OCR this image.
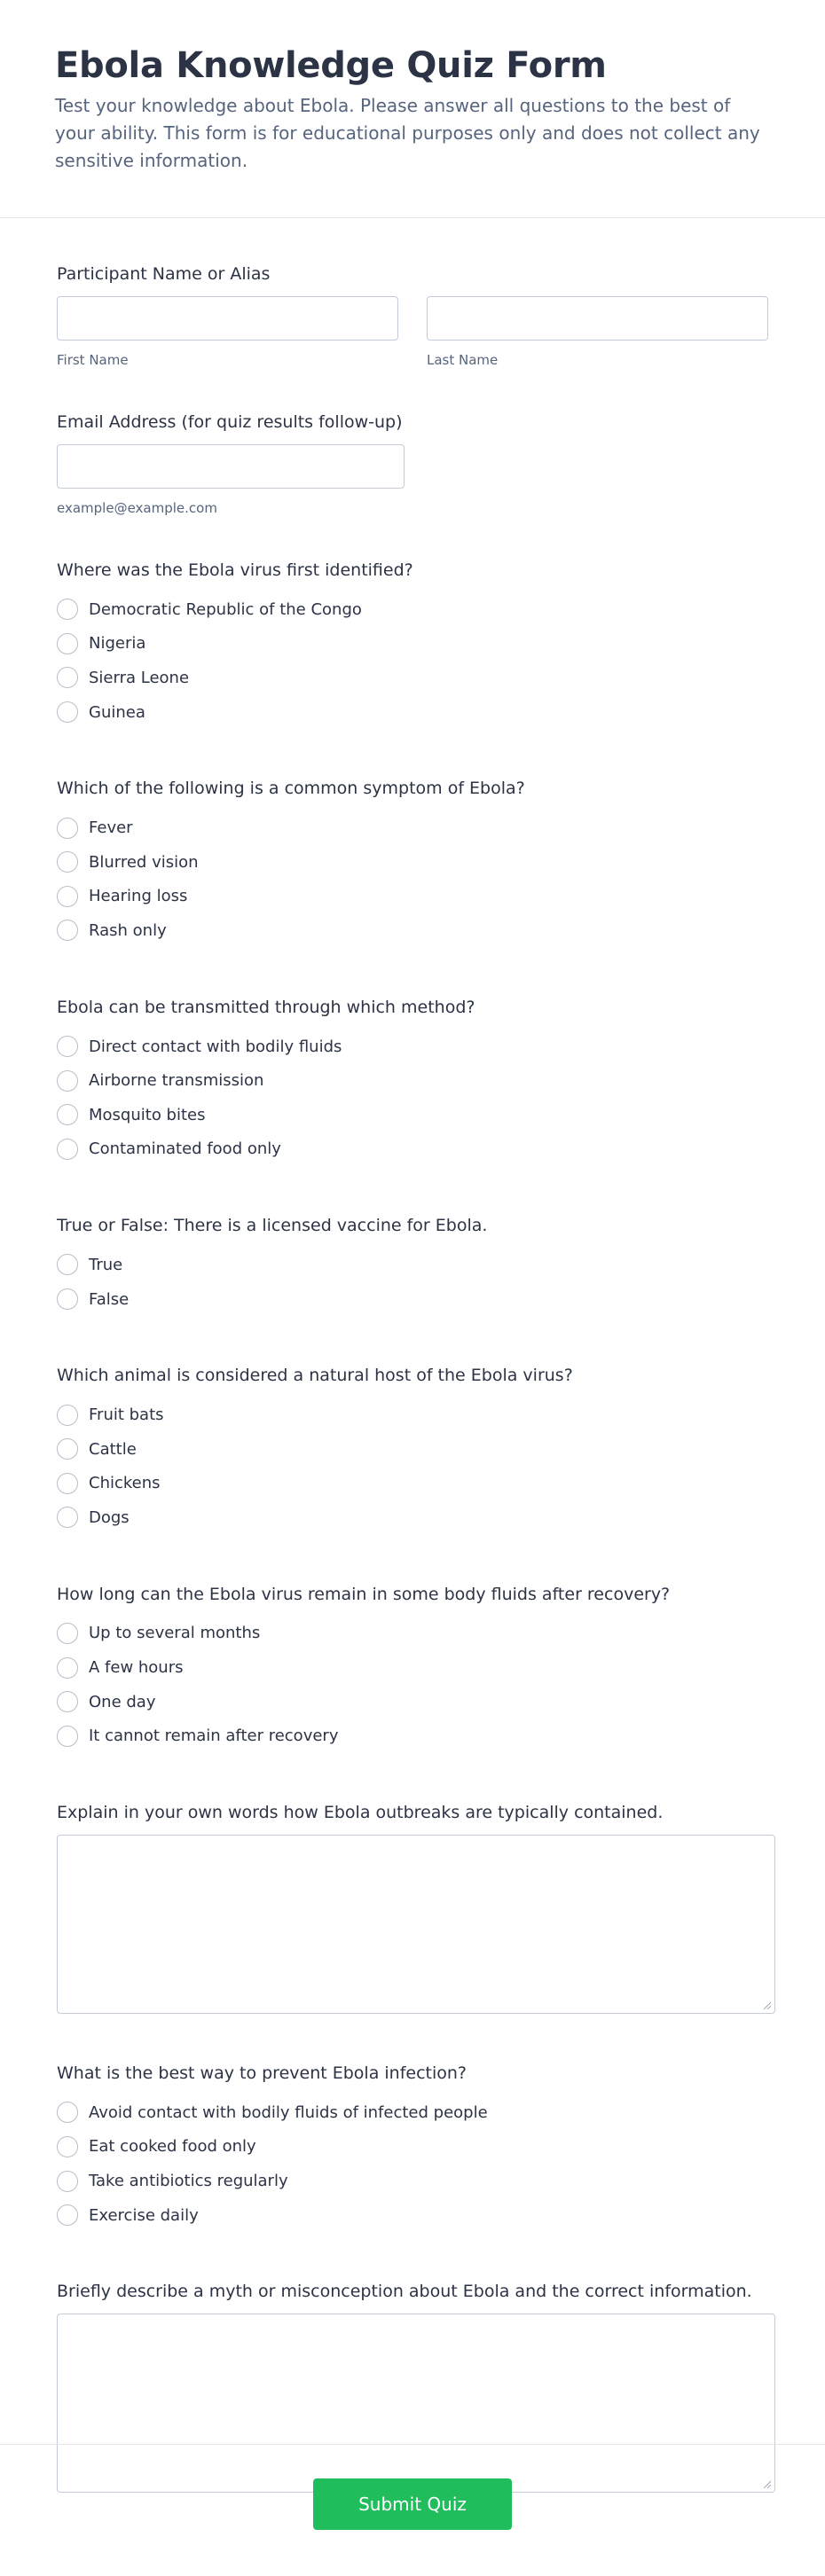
Ebola Knowledge Quiz Form

Test your knowledge about Ebola. Please answer all questions to the best of your ability. This form is for educational purposes only and does not collect any sensitive information.

Participant Name or Alias
First Name	Last Name
Email Address (for quiz results follow-up)
example@example.com
Where was the Ebola virus first identified?
Democratic Republic of the Congo
Nigeria
Sierra Leone
Guinea
Which of the following is a common symptom of Ebola?
Fever
Blurred vision
Hearing loss
Rash only
Ebola can be transmitted through which method?
Direct contact with bodily fluids
Airborne transmission
Mosquito bites
Contaminated food only
True or False: There is a licensed vaccine for Ebola.
True
False
Which animal is considered a natural host of the Ebola virus?
Fruit bats
Cattle
Chickens
Dogs
How long can the Ebola virus remain in some body fluids after recovery?
Up to several months
A few hours
One day
It cannot remain after recovery
Explain in your own words how Ebola outbreaks are typically contained.
What is the best way to prevent Ebola infection?
Avoid contact with bodily fluids of infected people
Eat cooked food only
Take antibiotics regularly
Exercise daily
Briefly describe a myth or misconception about Ebola and the correct information.
Submit Quiz
